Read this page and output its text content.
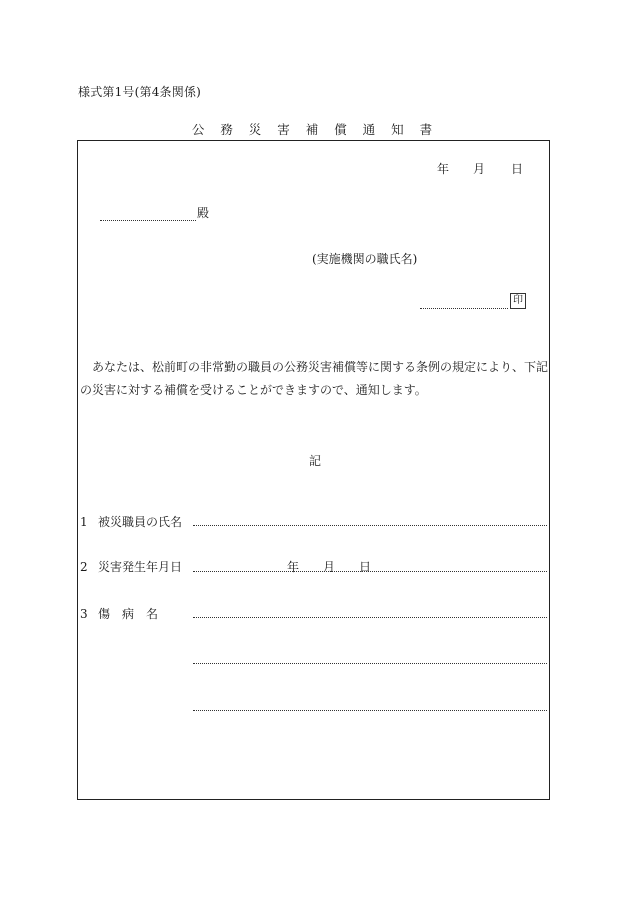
様式第1号(第4条関係)
公 務 災 害 補 償 通 知 書
年 月 日
殿
(実施機関の職氏名)
印

あなたは、松前町の非常勤の職員の公務災害補償等に関する条例の規定により、下記

の災害に対する補償を受けることができますので、通知します。

記
1 被災職員の氏名
2 災害発生年月日	年 月 日
3 傷　病　名
